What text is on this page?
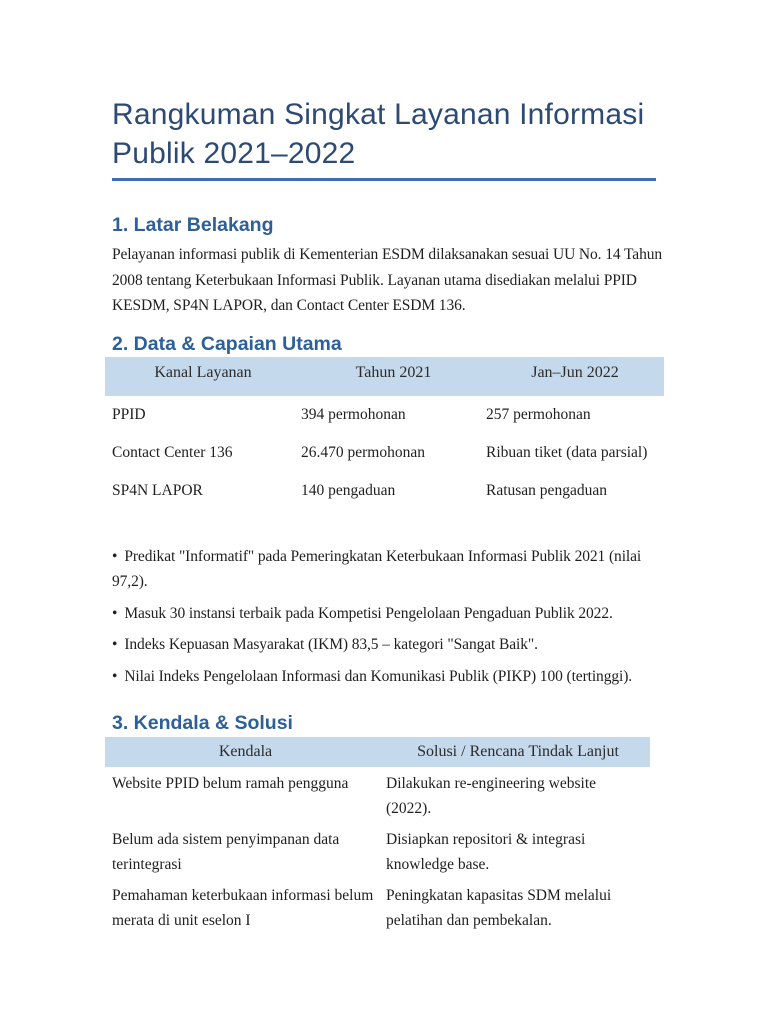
Rangkuman Singkat Layanan Informasi Publik 2021–2022
1. Latar Belakang

Pelayanan informasi publik di Kementerian ESDM dilaksanakan sesuai UU No. 14 Tahun 2008 tentang Keterbukaan Informasi Publik. Layanan utama disediakan melalui PPID KESDM, SP4N LAPOR, dan Contact Center ESDM 136.

2. Data & Capaian Utama
Kanal Layanan	Tahun 2021	Jan–Jun 2022
PPID	394 permohonan	257 permohonan
Contact Center 136	26.470 permohonan	Ribuan tiket (data parsial)
SP4N LAPOR	140 pengaduan	Ratusan pengaduan

• Predikat "Informatif" pada Pemeringkatan Keterbukaan Informasi Publik 2021 (nilai 97,2).

• Masuk 30 instansi terbaik pada Kompetisi Pengelolaan Pengaduan Publik 2022.

• Indeks Kepuasan Masyarakat (IKM) 83,5 – kategori "Sangat Baik".

• Nilai Indeks Pengelolaan Informasi dan Komunikasi Publik (PIKP) 100 (tertinggi).

3. Kendala & Solusi
Kendala	Solusi / Rencana Tindak Lanjut
Website PPID belum ramah pengguna	Dilakukan re-engineering website (2022).
Belum ada sistem penyimpanan data terintegrasi	Disiapkan repositori & integrasi knowledge base.
Pemahaman keterbukaan informasi belum merata di unit eselon I	Peningkatan kapasitas SDM melalui pelatihan dan pembekalan.
